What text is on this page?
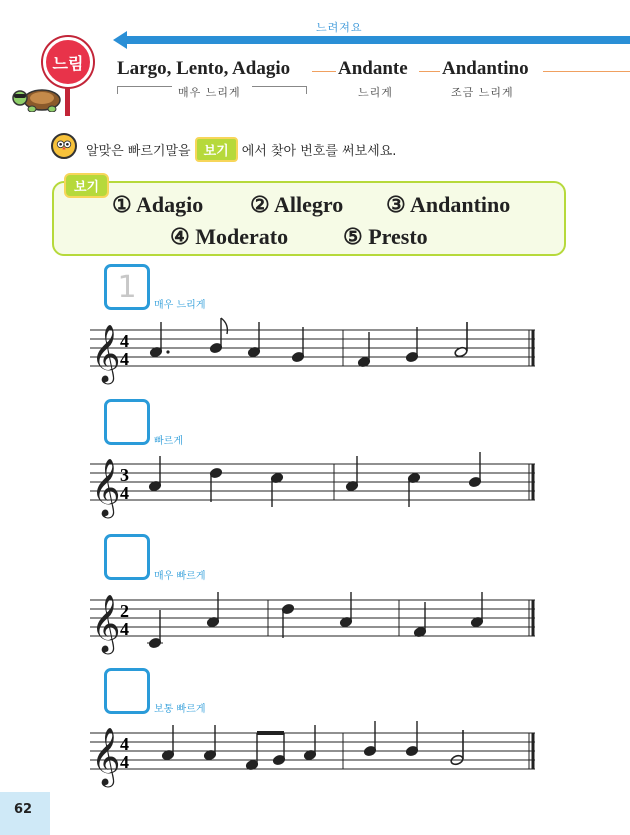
느려져요
느림 Largo, Lento, Adagio	Andante Andantino
매우 느리게	느리게	조금 느리게
알맞은 빠르기말을	보기	에서 찾아 번호를 써보세요.
보기
① Adagio ② Allegro ③ Andantino
④ Moderato ⑤ Presto
1
매우 느리게
𝄞 4
4
빠르게
𝄞 3
4
매우 빠르게
𝄞 2
4
보통 빠르게
𝄞 4
4
62
